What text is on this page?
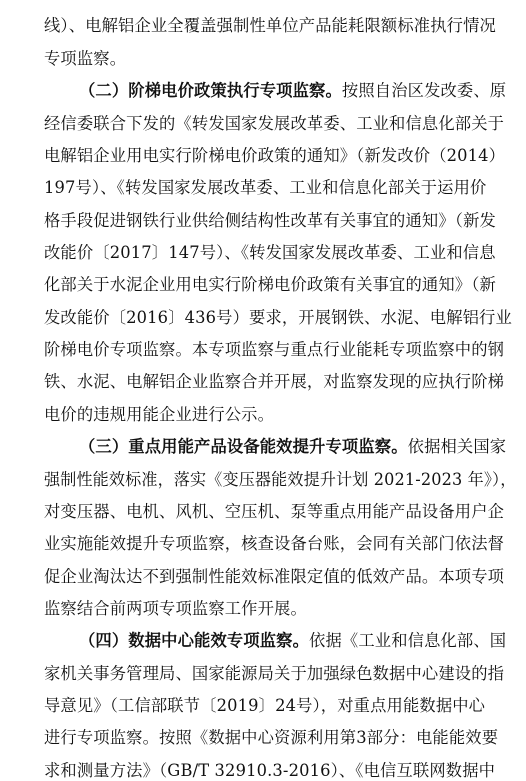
线）、电解铝企业全覆盖强制性单位产品能耗限额标准执行情况
专项监察。
（二）阶梯电价政策执行专项监察。按照自治区发改委、原
经信委联合下发的《转发国家发展改革委、工业和信息化部关于
电解铝企业用电实行阶梯电价政策的通知》（新发改价（2014）
197号）、《转发国家发展改革委、工业和信息化部关于运用价
格手段促进钢铁行业供给侧结构性改革有关事宜的通知》（新发
改能价〔2017〕147号）、《转发国家发展改革委、工业和信息
化部关于水泥企业用电实行阶梯电价政策有关事宜的通知》（新
发改能价〔2016〕436号）要求，开展钢铁、水泥、电解铝行业
阶梯电价专项监察。本专项监察与重点行业能耗专项监察中的钢
铁、水泥、电解铝企业监察合并开展，对监察发现的应执行阶梯
电价的违规用能企业进行公示。
（三）重点用能产品设备能效提升专项监察。依据相关国家
强制性能效标准，落实《变压器能效提升计划 2021-2023 年》），
对变压器、电机、风机、空压机、泵等重点用能产品设备用户企
业实施能效提升专项监察，核查设备台账，会同有关部门依法督
促企业淘汰达不到强制性能效标准限定值的低效产品。本项专项
监察结合前两项专项监察工作开展。
（四）数据中心能效专项监察。依据《工业和信息化部、国
家机关事务管理局、国家能源局关于加强绿色数据中心建设的指
导意见》（工信部联节〔2019〕24号），对重点用能数据中心
进行专项监察。按照《数据中心资源利用第3部分：电能能效要
求和测量方法》（GB/T 32910.3-2016）、《电信互联网数据中
